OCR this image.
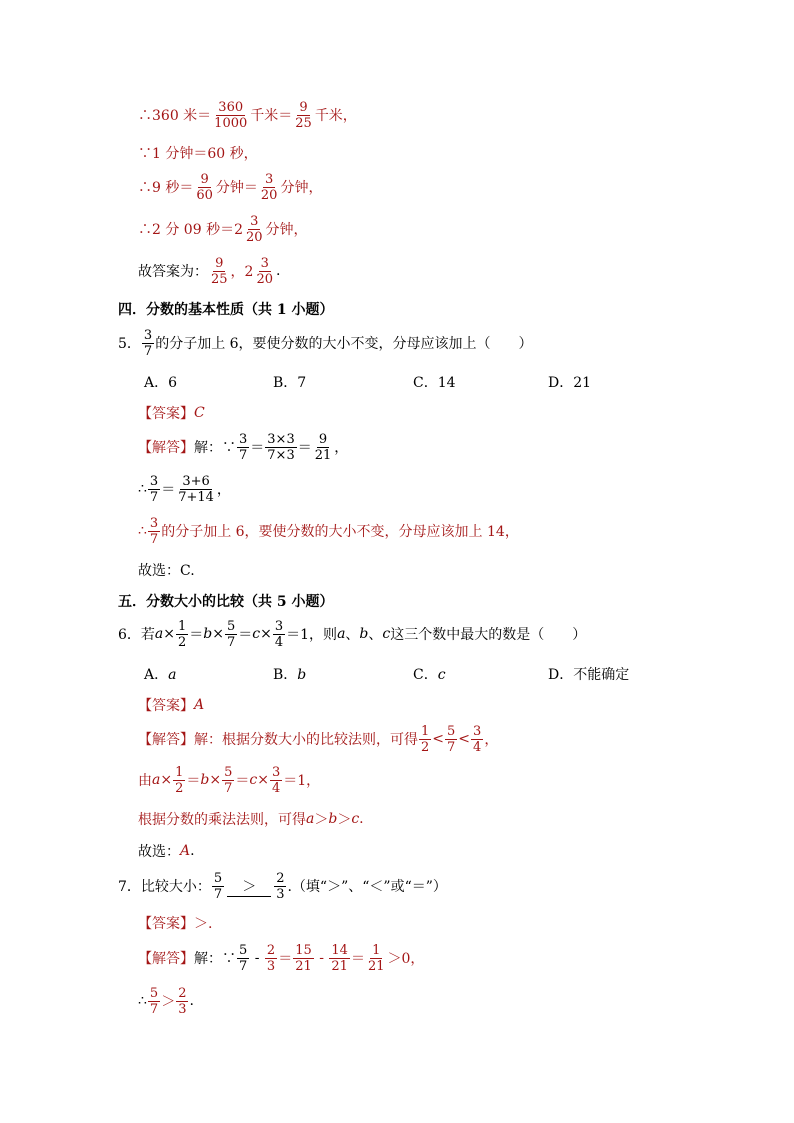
∴360 米＝ $\frac{360}{1000}$ 千米＝ $\frac{9}{25}$ 千米，
∵1 分钟＝60 秒，
∴9 秒＝ $\frac{9}{60}$ 分钟＝ $\frac{3}{20}$ 分钟，
∴2 分 09 秒$=2 \frac{3}{20}$ 分钟，
故答案为： $\frac{9}{25}$ ，$2 \frac{3}{20}$ .
四．分数的基本性质（共 1 小题）
5． $\frac{3}{7}$ 的分子加上 6，要使分数的大小不变，分母应该加上（　　）
A．6	B．7	C．14	D．21
【答案】 C
【解答】 解：∵ $\frac{3}{7} = \frac{3\times 3}{7\times 3} = \frac{9}{21}$ ，
∴ $\frac{3}{7} = \frac{3+6}{7+14}$ ，
∴ $\frac{3}{7}$ 的分子加上 6，要使分数的大小不变，分母应该加上 14，
故选：C.
五．分数大小的比较（共 5 小题）
6． 若 $a \times \frac{1}{2} = b \times \frac{5}{7} = c \times \frac{3}{4} =1$，则 a 、 b 、 c 这三个数中最大的数是（　　）
A．a	B．b	C．c	D．不能确定
【答案】 A
【解答】 解：根据分数大小的比较法则，可得 $\frac{1}{2} < \frac{5}{7} < \frac{3}{4}$ ，
由 $a \times \frac{1}{2} = b \times \frac{5}{7} = c \times \frac{3}{4} =1$，
根据分数的乘法法则，可得 a ＞ b ＞ c .
故选： A .
7． 比较大小： $\frac{5}{7}$	＞	$\frac{2}{3}$ .（填“＞”、“＜”或“＝”）
【答案】 ＞.
【解答】 解：∵ $\frac{5}{7} - \frac{2}{3} = \frac{15}{21} - \frac{14}{21} = \frac{1}{21} >0$，
∴ $\frac{5}{7} > \frac{2}{3}$ .
